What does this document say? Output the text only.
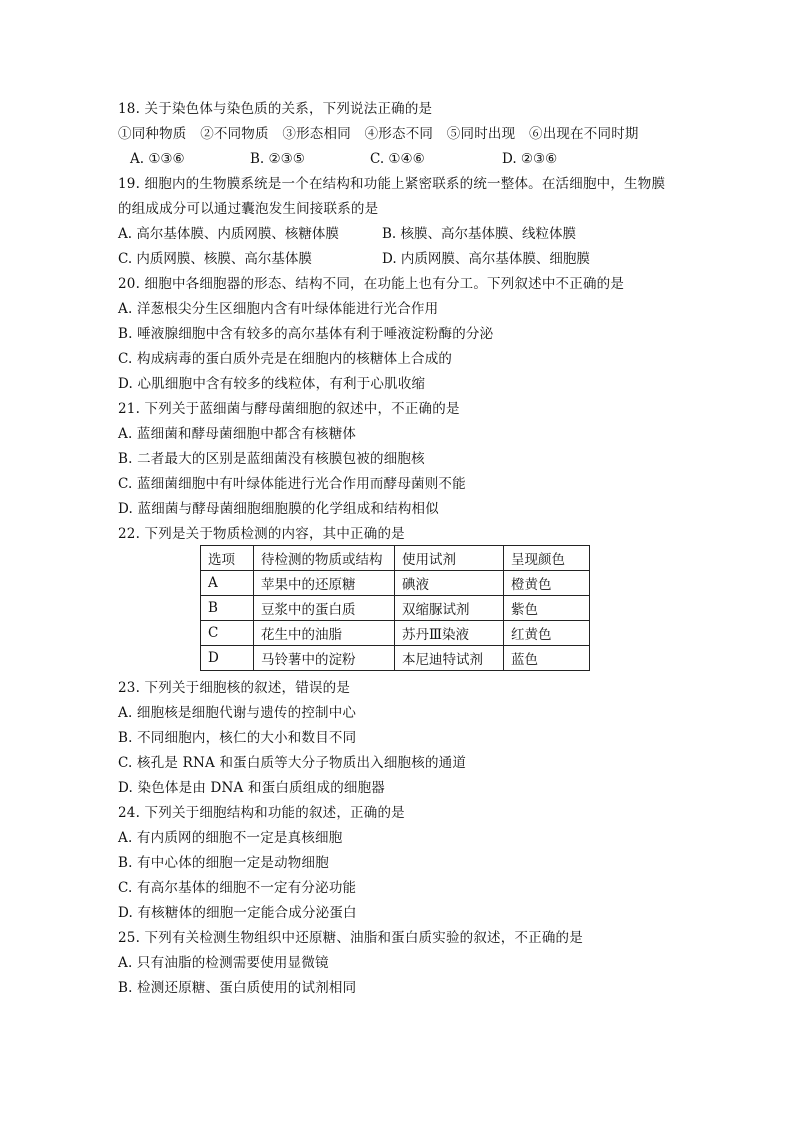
18. 关于染色体与染色质的关系，下列说法正确的是
①同种物质　②不同物质　③形态相同　④形态不同　⑤同时出现　⑥出现在不同时期
A. ①③⑥	B. ②③⑤	C. ①④⑥	D. ②③⑥
19. 细胞内的生物膜系统是一个在结构和功能上紧密联系的统一整体。在活细胞中，生物膜
的组成成分可以通过囊泡发生间接联系的是
A. 高尔基体膜、内质网膜、核糖体膜	B. 核膜、高尔基体膜、线粒体膜
C. 内质网膜、核膜、高尔基体膜	D. 内质网膜、高尔基体膜、细胞膜
20. 细胞中各细胞器的形态、结构不同，在功能上也有分工。下列叙述中不正确的是
A. 洋葱根尖分生区细胞内含有叶绿体能进行光合作用
B. 唾液腺细胞中含有较多的高尔基体有利于唾液淀粉酶的分泌
C. 构成病毒的蛋白质外壳是在细胞内的核糖体上合成的
D. 心肌细胞中含有较多的线粒体，有利于心肌收缩
21. 下列关于蓝细菌与酵母菌细胞的叙述中，不正确的是
A. 蓝细菌和酵母菌细胞中都含有核糖体
B. 二者最大的区别是蓝细菌没有核膜包被的细胞核
C. 蓝细菌细胞中有叶绿体能进行光合作用而酵母菌则不能
D. 蓝细菌与酵母菌细胞细胞膜的化学组成和结构相似
22. 下列是关于物质检测的内容，其中正确的是
选项	待检测的物质或结构	使用试剂	呈现颜色
A	苹果中的还原糖	碘液	橙黄色
B	豆浆中的蛋白质	双缩脲试剂	紫色
C	花生中的油脂	苏丹Ⅲ染液	红黄色
D	马铃薯中的淀粉	本尼迪特试剂	蓝色
23. 下列关于细胞核的叙述，错误的是
A. 细胞核是细胞代谢与遗传的控制中心
B. 不同细胞内，核仁的大小和数目不同
C. 核孔是 RNA 和蛋白质等大分子物质出入细胞核的通道
D. 染色体是由 DNA 和蛋白质组成的细胞器
24. 下列关于细胞结构和功能的叙述，正确的是
A. 有内质网的细胞不一定是真核细胞
B. 有中心体的细胞一定是动物细胞
C. 有高尔基体的细胞不一定有分泌功能
D. 有核糖体的细胞一定能合成分泌蛋白
25. 下列有关检测生物组织中还原糖、油脂和蛋白质实验的叙述，不正确的是
A. 只有油脂的检测需要使用显微镜
B. 检测还原糖、蛋白质使用的试剂相同
